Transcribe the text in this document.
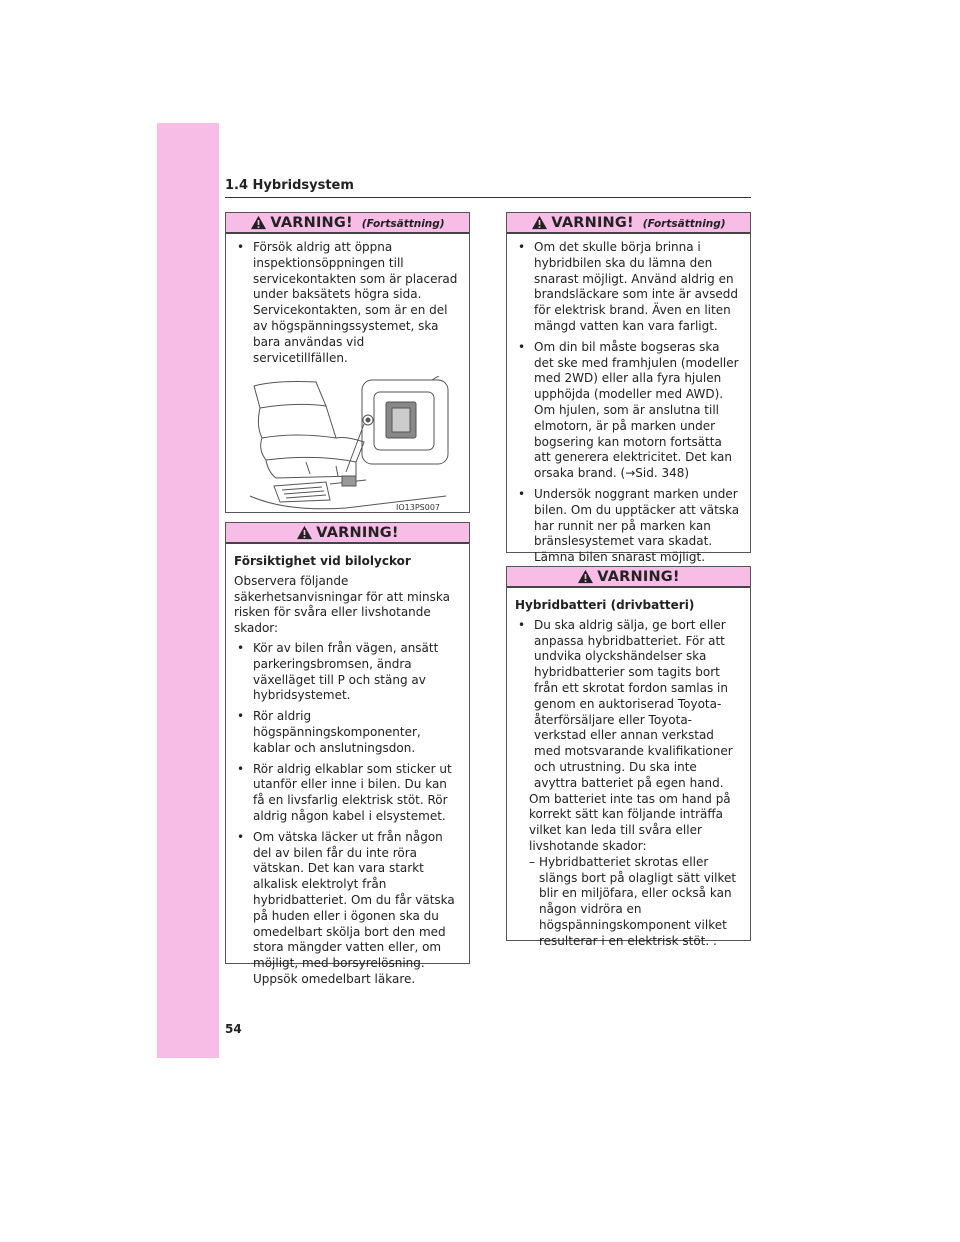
1.4 Hybridsystem
VARNING! (Fortsättning)
• Försök aldrig att öppna inspektionsöppningen till servicekontakten som är placerad under baksätets högra sida. Servicekontakten, som är en del av högspänningssystemet, ska bara användas vid servicetillfällen.
IO13PS007
VARNING!

Försiktighet vid bilolyckor

Observera följande säkerhetsanvisningar för att minska risken för svåra eller livshotande skador:

• Kör av bilen från vägen, ansätt parkeringsbromsen, ändra växelläget till P och stäng av hybridsystemet.
• Rör aldrig högspänningskomponenter, kablar och anslutningsdon.
• Rör aldrig elkablar som sticker ut utanför eller inne i bilen. Du kan få en livsfarlig elektrisk stöt. Rör aldrig någon kabel i elsystemet.
• Om vätska läcker ut från någon del av bilen får du inte röra vätskan. Det kan vara starkt alkalisk elektrolyt från hybridbatteriet. Om du får vätska på huden eller i ögonen ska du omedelbart skölja bort den med stora mängder vatten eller, om möjligt, med borsyrelösning. Uppsök omedelbart läkare.
VARNING! (Fortsättning)
• Om det skulle börja brinna i hybridbilen ska du lämna den snarast möjligt. Använd aldrig en brandsläckare som inte är avsedd för elektrisk brand. Även en liten mängd vatten kan vara farligt.
• Om din bil måste bogseras ska det ske med framhjulen (modeller med 2WD) eller alla fyra hjulen upphöjda (modeller med AWD). Om hjulen, som är anslutna till elmotorn, är på marken under bogsering kan motorn fortsätta att generera elektricitet. Det kan orsaka brand. (→Sid. 348)
• Undersök noggrant marken under bilen. Om du upptäcker att vätska har runnit ner på marken kan bränslesystemet vara skadat. Lämna bilen snarast möjligt.
VARNING!

Hybridbatteri (drivbatteri)

• Du ska aldrig sälja, ge bort eller anpassa hybridbatteriet. För att undvika olyckshändelser ska hybridbatterier som tagits bort från ett skrotat fordon samlas in genom en auktoriserad Toyota-återförsäljare eller Toyota-verkstad eller annan verkstad med motsvarande kvalifikationer och utrustning. Du ska inte avyttra batteriet på egen hand.
Om batteriet inte tas om hand på korrekt sätt kan följande inträffa vilket kan leda till svåra eller livshotande skador:
– Hybridbatteriet skrotas eller slängs bort på olagligt sätt vilket blir en miljöfara, eller också kan någon vidröra en högspänningskomponent vilket resulterar i en elektrisk stöt. .
54
